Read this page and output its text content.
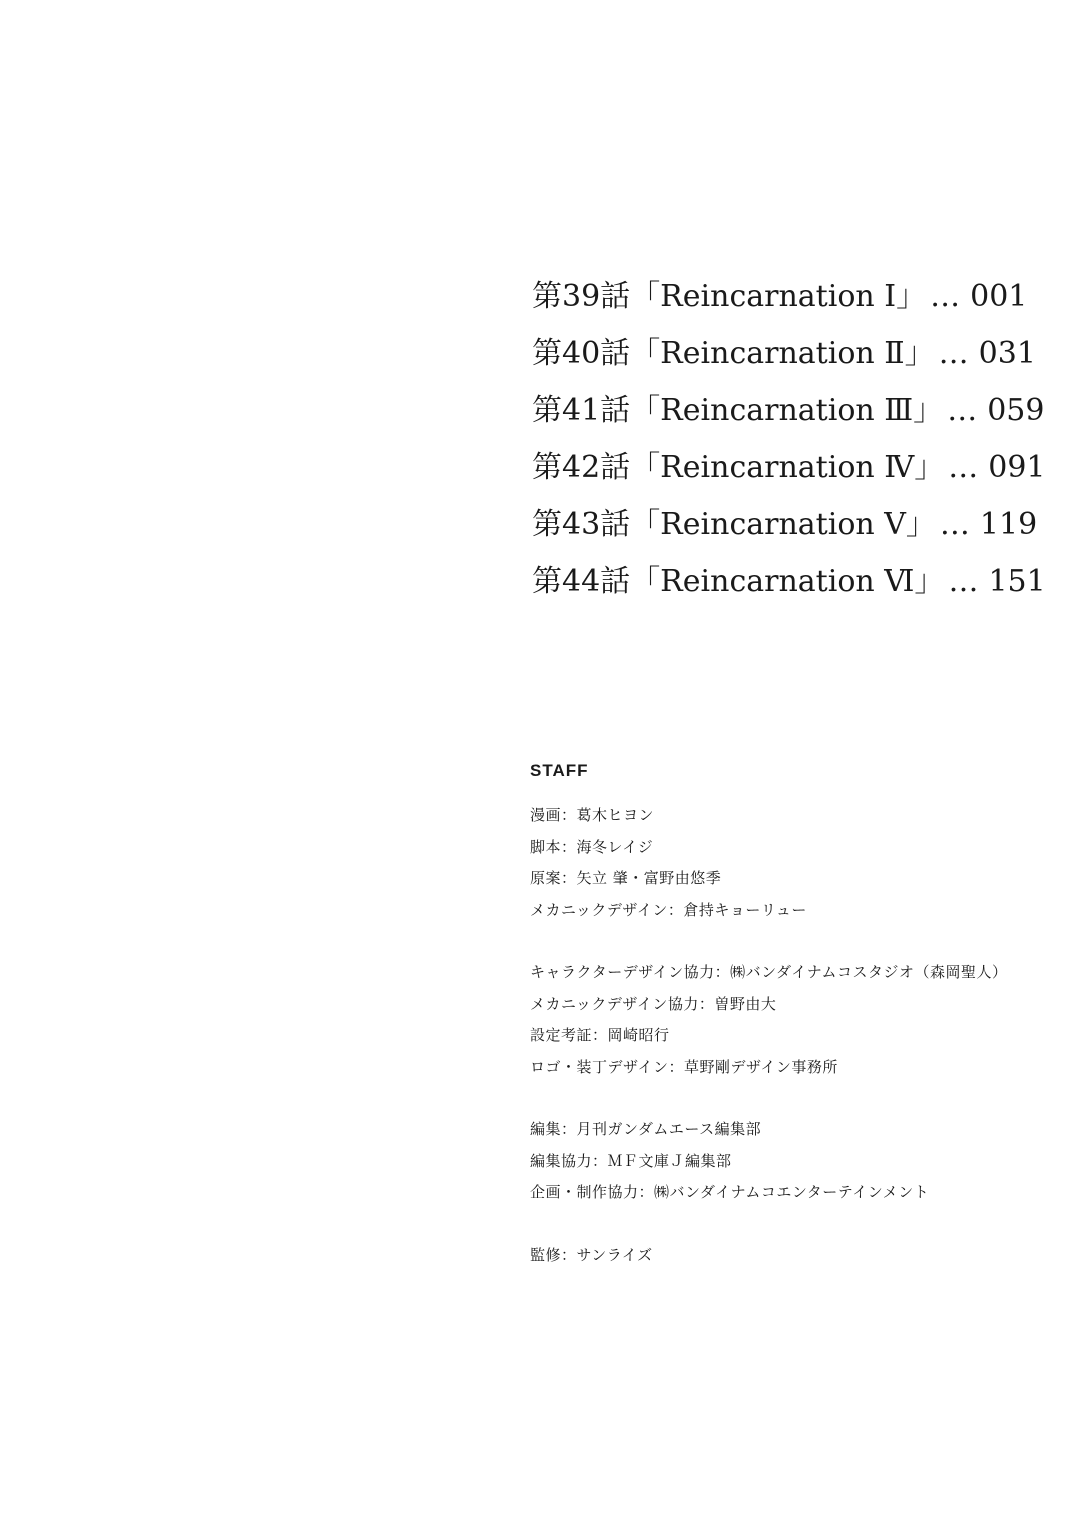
第39話 「Reincarnation Ⅰ」 … 001
第40話 「Reincarnation Ⅱ」 … 031
第41話 「Reincarnation Ⅲ」 … 059
第42話 「Reincarnation Ⅳ」 … 091
第43話 「Reincarnation Ⅴ」 … 119
第44話 「Reincarnation Ⅵ」 … 151
STAFF
漫画：葛木ヒヨン
脚本：海冬レイジ
原案：矢立 肇・富野由悠季
メカニックデザイン：倉持キョーリュー
キャラクターデザイン協力：㈱バンダイナムコスタジオ（森岡聖人）
メカニックデザイン協力：曽野由大
設定考証：岡崎昭行
ロゴ・装丁デザイン：草野剛デザイン事務所
編集：月刊ガンダムエース編集部
編集協力：ＭＦ文庫Ｊ編集部
企画・制作協力：㈱バンダイナムコエンターテインメント
監修：サンライズ
